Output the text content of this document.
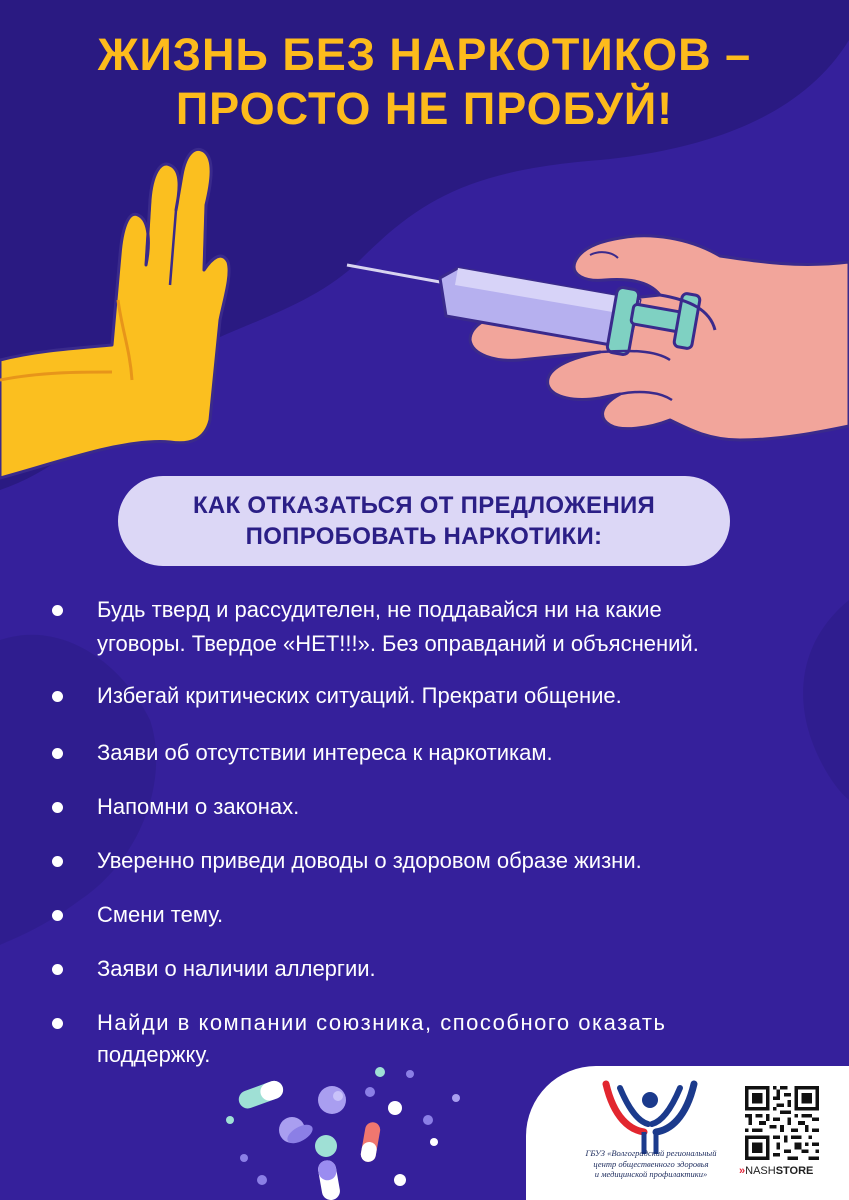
ЖИЗНЬ БЕЗ НАРКОТИКОВ –
ПРОСТО НЕ ПРОБУЙ!
КАК ОТКАЗАТЬСЯ ОТ ПРЕДЛОЖЕНИЯ
ПОПРОБОВАТЬ НАРКОТИКИ:
Будь тверд и рассудителен, не поддавайся ни на какие
уговоры. Твердое «НЕТ!!!». Без оправданий и объяснений.
Избегай критических ситуаций. Прекрати общение.
Заяви об отсутствии интереса к наркотикам.
Напомни о законах.
Уверенно приведи доводы о здоровом образе жизни.
Смени тему.
Заяви о наличии аллергии.
Найди в компании союзника, способного оказать
поддержку.
ГБУЗ «Волгоградский региональный
центр общественного здоровья
и медицинской профилактики»	» NASHSTORE
